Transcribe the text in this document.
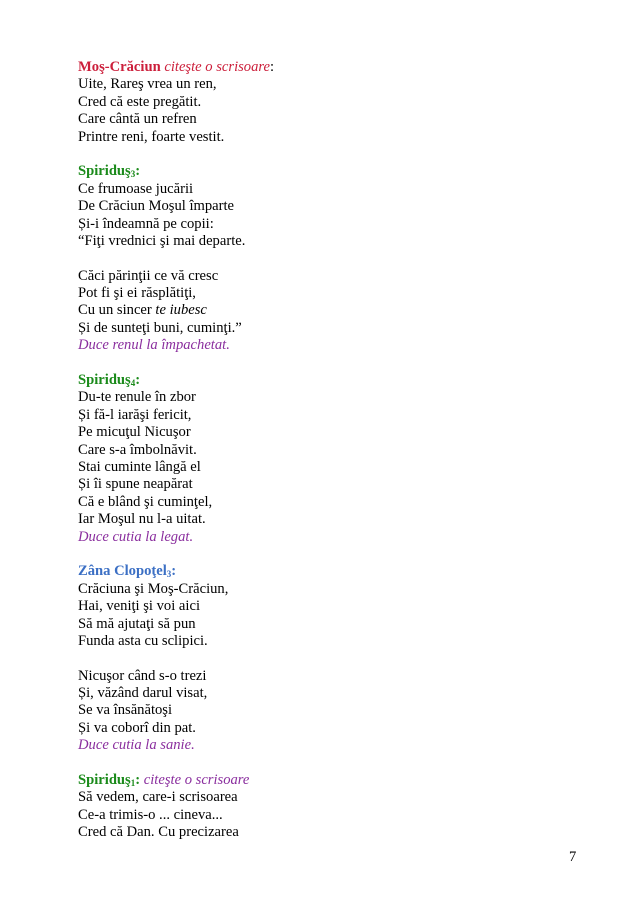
Moş-Crăciun citeşte o scrisoare:
Uite, Rareş vrea un ren,
Cred că este pregătit.
Care cântă un refren
Printre reni, foarte vestit.
Spiriduş$_3$:
Ce frumoase jucării
De Crăciun Moşul împarte
Și-i îndeamnă pe copii:
“Fiţi vrednici şi mai departe.
Căci părinţii ce vă cresc
Pot fi şi ei răsplătiţi,
Cu un sincer te iubesc
Și de sunteţi buni, cuminţi.”
Duce renul la împachetat.
Spiriduş$_4$:
Du-te renule în zbor
Și fă-l iarăşi fericit,
Pe micuţul Nicuşor
Care s-a îmbolnăvit.
Stai cuminte lângă el
Și îi spune neapărat
Că e blând şi cuminţel,
Iar Moşul nu l-a uitat.
Duce cutia la legat.
Zâna Clopoţel$_3$:
Crăciuna şi Moş-Crăciun,
Hai, veniţi şi voi aici
Să mă ajutaţi să pun
Funda asta cu sclipici.
Nicuşor când s-o trezi
Și, văzând darul visat,
Se va însănătoşi
Și va coborî din pat.
Duce cutia la sanie.
Spiriduş$_1$: citeşte o scrisoare
Să vedem, care-i scrisoarea
Ce-a trimis-o ... cineva...
Cred că Dan. Cu precizarea
7
